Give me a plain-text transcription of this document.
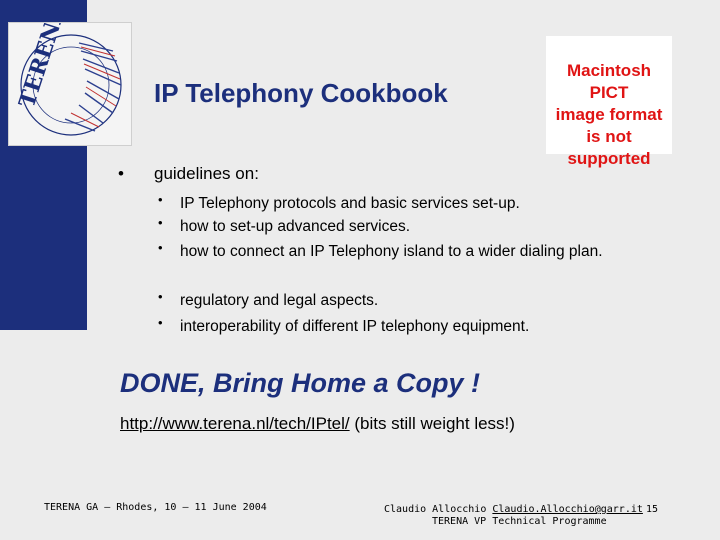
TERENA	IP Telephony Cookbook
Macintosh PICT
image format
is not supported
• guidelines on:
• IP Telephony protocols and basic services set-up.
• how to set-up advanced services.
• how to connect an IP Telephony island to a wider dialing plan.
• regulatory and legal aspects.
• interoperability of different IP telephony equipment.
DONE, Bring Home a Copy !
http://www.terena.nl/tech/IPtel/ (bits still weight less!)
TERENA GA – Rhodes, 10 – 11 June 2004	Claudio Allocchio Claudio.Allocchio@garr.it
TERENA VP Technical Programme
15
